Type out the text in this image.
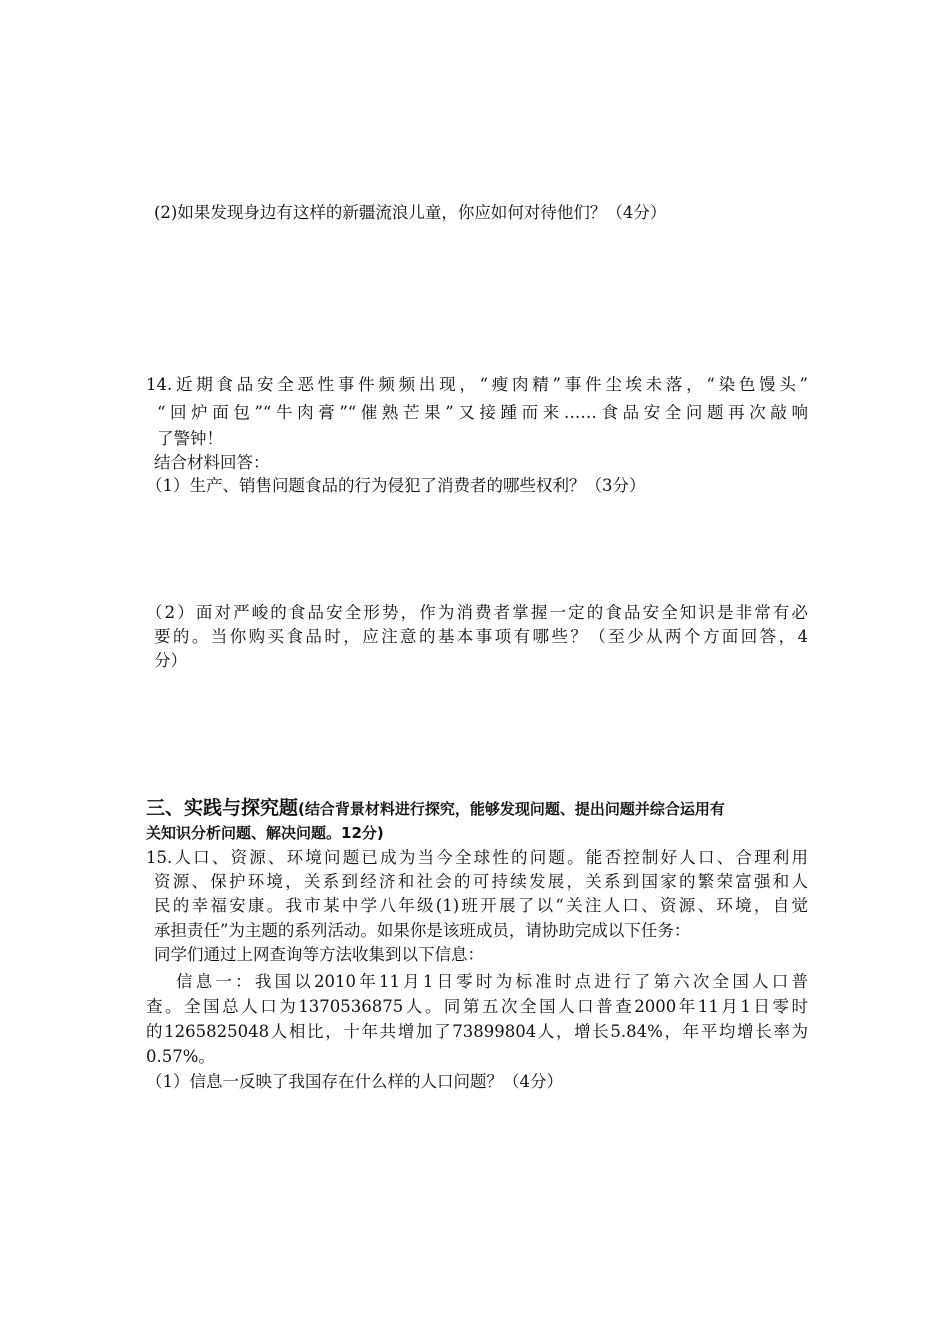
(2)如果发现身边有这样的新疆流浪儿童，你应如何对待他们？（4分）
14.近期食品安全恶性事件频频出现，“瘦肉精”事件尘埃未落，“染色馒头”
“回炉面包”“牛肉膏”“催熟芒果”又接踵而来……食品安全问题再次敲响
了警钟！
结合材料回答：
（1）生产、销售问题食品的行为侵犯了消费者的哪些权利？（3分）
（2）面对严峻的食品安全形势，作为消费者掌握一定的食品安全知识是非常有必
要的。当你购买食品时，应注意的基本事项有哪些？（至少从两个方面回答，4
分）
三、实践与探究题(结合背景材料进行探究，能够发现问题、提出问题并综合运用有
关知识分析问题、解决问题。12分)
15.人口、资源、环境问题已成为当今全球性的问题。能否控制好人口、合理利用
资源、保护环境，关系到经济和社会的可持续发展，关系到国家的繁荣富强和人
民的幸福安康。我市某中学八年级(1)班开展了以“关注人口、资源、环境，自觉
承担责任”为主题的系列活动。如果你是该班成员，请协助完成以下任务：
同学们通过上网查询等方法收集到以下信息：
信息一：我国以2010年11月1日零时为标准时点进行了第六次全国人口普
查。全国总人口为1370536875人。同第五次全国人口普查2000年11月1日零时
的1265825048人相比，十年共增加了73899804人，增长5.84%，年平均增长率为
0.57%。
（1）信息一反映了我国存在什么样的人口问题？（4分）
